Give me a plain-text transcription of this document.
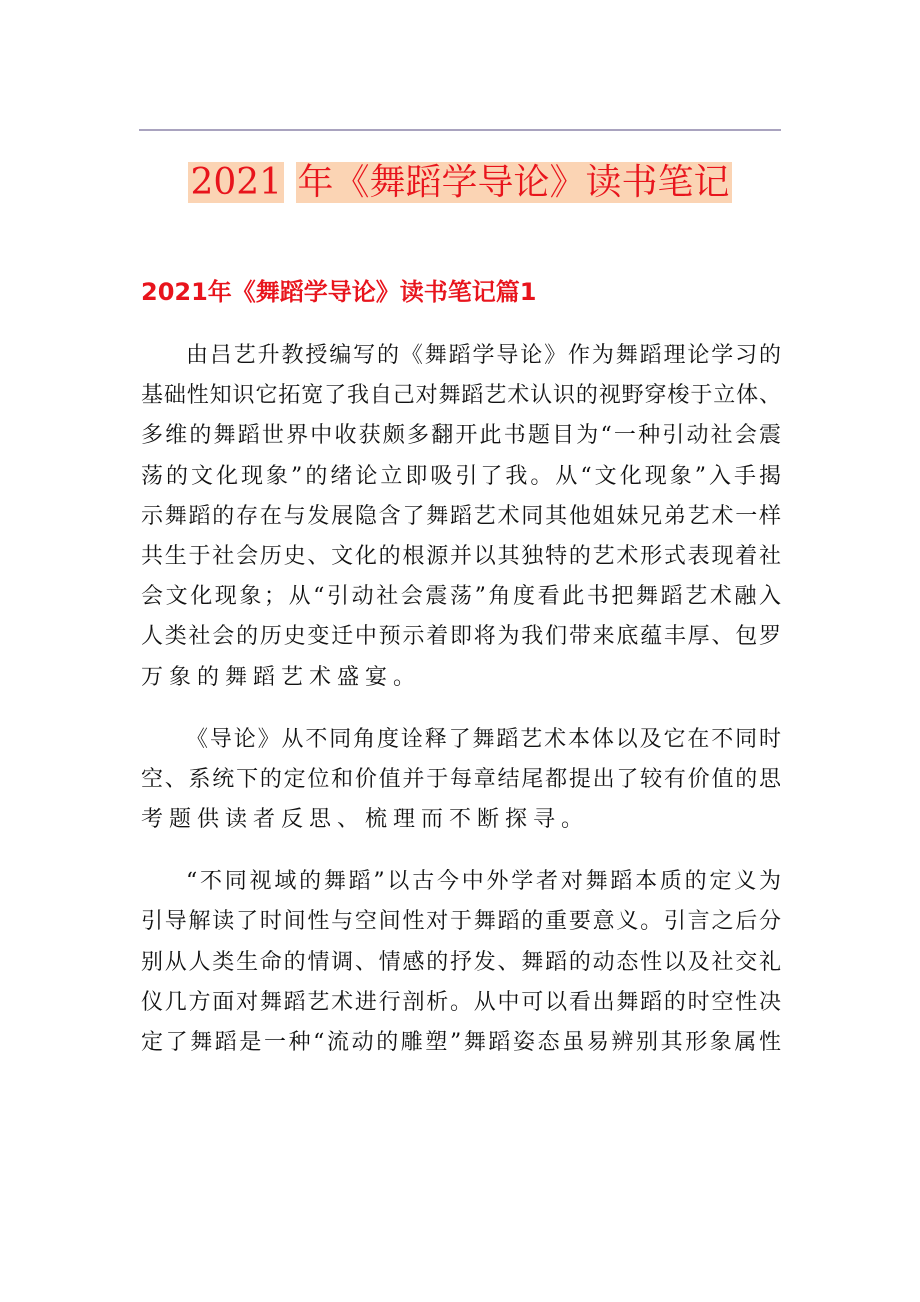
2021 年《舞蹈学导论》读书笔记
2021年《舞蹈学导论》读书笔记篇1
由吕艺升教授编写的《舞蹈学导论》作为舞蹈理论学习的
基础性知识它拓宽了我自己对舞蹈艺术认识的视野穿梭于立体、
多维的舞蹈世界中收获颇多翻开此书题目为“一种引动社会震
荡的文化现象”的绪论立即吸引了我。从“文化现象”入手揭
示舞蹈的存在与发展隐含了舞蹈艺术同其他姐妹兄弟艺术一样
共生于社会历史、文化的根源并以其独特的艺术形式表现着社
会文化现象；从“引动社会震荡”角度看此书把舞蹈艺术融入
人类社会的历史变迁中预示着即将为我们带来底蕴丰厚、包罗
万象的舞蹈艺术盛宴。
《导论》从不同角度诠释了舞蹈艺术本体以及它在不同时
空、系统下的定位和价值并于每章结尾都提出了较有价值的思
考题供读者反思、梳理而不断探寻。
“不同视域的舞蹈”以古今中外学者对舞蹈本质的定义为
引导解读了时间性与空间性对于舞蹈的重要意义。引言之后分
别从人类生命的情调、情感的抒发、舞蹈的动态性以及社交礼
仪几方面对舞蹈艺术进行剖析。从中可以看出舞蹈的时空性决
定了舞蹈是一种“流动的雕塑”舞蹈姿态虽易辨别其形象属性
